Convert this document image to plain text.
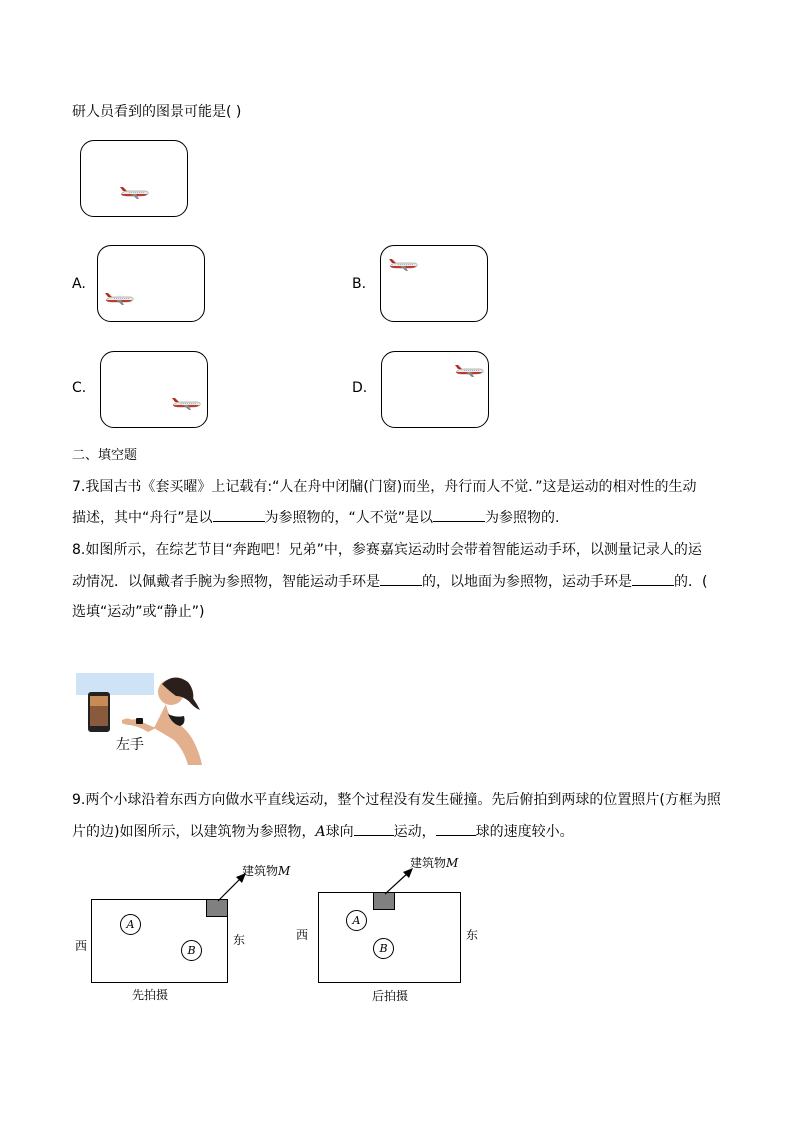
研人员看到的图景可能是( )
A.	B.
C.	D.
二、填空题
7.我国古书《套买曜》上记载有:“人在舟中闭牖(门窗)而坐，舟行而人不觉．”这是运动的相对性的生动
描述，其中“舟行”是以	为参照物的，“人不觉”是以	为参照物的.
8.如图所示，在综艺节目“奔跑吧！兄弟”中，参赛嘉宾运动时会带着智能运动手环，以测量记录人的运
动情况．以佩戴者手腕为参照物，智能运动手环是	的，以地面为参照物，运动手环是	的．(
选填“运动”或“静止”)
左手
9.两个小球沿着东西方向做水平直线运动，整个过程没有发生碰撞。先后俯拍到两球的位置照片(方框为照
片的边)如图所示，以建筑物为参照物，A球向	运动，	球的速度较小。
建筑物M
A
B
西	东
先拍摄
建筑物M
A
B
西	东
后拍摄
